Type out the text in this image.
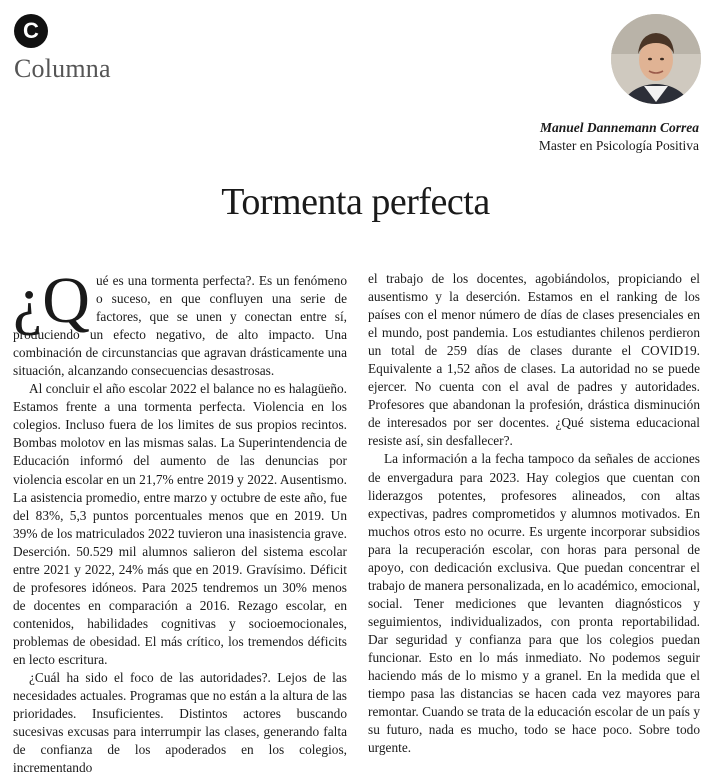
C
Columna
Manuel Dannemann Correa
Master en Psicología Positiva
Tormenta perfecta

¿Q ué es una tormenta perfecta?. Es un fenómeno o suceso, en que confluyen una serie de factores, que se unen y conectan entre sí, produciendo un efecto negativo, de alto impacto. Una combinación de circunstancias que agravan drásticamente una situación, alcanzando consecuencias desastrosas.

Al concluir el año escolar 2022 el balance no es halagüeño. Estamos frente a una tormenta perfecta. Violencia en los colegios. Incluso fuera de los limites de sus propios recintos. Bombas molotov en las mismas salas. La Superintendencia de Educación informó del aumento de las denuncias por violencia escolar en un 21,7% entre 2019 y 2022. Ausentismo. La asistencia promedio, entre marzo y octubre de este año, fue del 83%, 5,3 puntos porcentuales menos que en 2019. Un 39% de los matriculados 2022 tuvieron una inasistencia grave. Deserción. 50.529 mil alumnos salieron del sistema escolar entre 2021 y 2022, 24% más que en 2019. Gravísimo. Déficit de profesores idóneos. Para 2025 tendremos un 30% menos de docentes en comparación a 2016. Rezago escolar, en contenidos, habilidades cognitivas y socioemocionales, problemas de obesidad. El más crítico, los tremendos déficits en lecto escritura.

¿Cuál ha sido el foco de las autoridades?. Lejos de las necesidades actuales. Programas que no están a la altura de las prioridades. Insuficientes. Distintos actores buscando sucesivas excusas para interrumpir las clases, generando falta de confianza de los apoderados en los colegios, incrementando

el trabajo de los docentes, agobiándolos, propiciando el ausentismo y la deserción. Estamos en el ranking de los países con el menor número de días de clases presenciales en el mundo, post pandemia. Los estudiantes chilenos perdieron un total de 259 días de clases durante el COVID19. Equivalente a 1,52 años de clases. La autoridad no se puede ejercer. No cuenta con el aval de padres y autoridades. Profesores que abandonan la profesión, drástica disminución de interesados por ser docentes. ¿Qué sistema educacional resiste así, sin desfallecer?.

La información a la fecha tampoco da señales de acciones de envergadura para 2023. Hay colegios que cuentan con liderazgos potentes, profesores alineados, con altas expectivas, padres comprometidos y alumnos motivados. En muchos otros esto no ocurre. Es urgente incorporar subsidios para la recuperación escolar, con horas para personal de apoyo, con dedicación exclusiva. Que puedan concentrar el trabajo de manera personalizada, en lo académico, emocional, social. Tener mediciones que levanten diagnósticos y seguimientos, individualizados, con pronta reportabilidad. Dar seguridad y confianza para que los colegios puedan funcionar. Esto en lo más inmediato. No podemos seguir haciendo más de lo mismo y a granel. En la medida que el tiempo pasa las distancias se hacen cada vez mayores para remontar. Cuando se trata de la educación escolar de un país y su futuro, nada es mucho, todo se hace poco. Sobre todo urgente.
